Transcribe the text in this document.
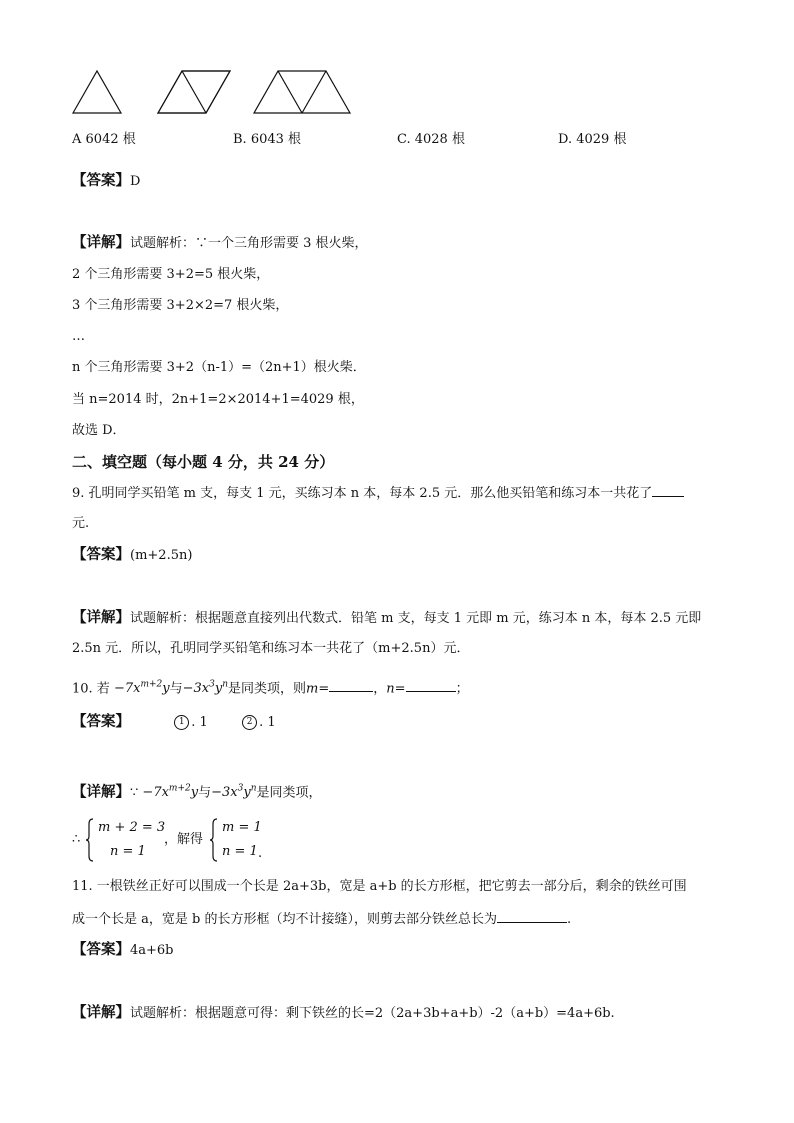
A 6042 根	B. 6043 根	C. 4028 根	D. 4029 根
【答案】D
【详解】试题解析：∵一个三角形需要 3 根火柴，
2 个三角形需要 3+2=5 根火柴，
3 个三角形需要 3+2×2=7 根火柴，
…
n 个三角形需要 3+2（n-1）=（2n+1）根火柴．
当 n=2014 时，2n+1=2×2014+1=4029 根，
故选 D．
二、填空题（每小题 4 分，共 24 分）
9. 孔明同学买铅笔 m 支，每支 1 元，买练习本 n 本，每本 2.5 元．那么他买铅笔和练习本一共花了
元.
【答案】(m+2.5n)
【详解】试题解析：根据题意直接列出代数式．铅笔 m 支，每支 1 元即 m 元，练习本 n 本，每本 2.5 元即
2.5n 元．所以，孔明同学买铅笔和练习本一共花了（m+2.5n）元．
10. 若 $-7x^{m+2}y$与$-3x^3y^n$是同类项，则m=	，n=	；
【答案】	1 . 1	2 . 1
【详解】∵ $-7x^{m+2}y$与$-3x^3y^n$是同类项，
∴
m + 2 = 3
n = 1
，解得
m = 1
n = 1 .
11. 一根铁丝正好可以围成一个长是 2a+3b，宽是 a+b 的长方形框，把它剪去一部分后，剩余的铁丝可围
成一个长是 a，宽是 b 的长方形框（均不计接缝），则剪去部分铁丝总长为	.
【答案】4a+6b
【详解】试题解析：根据题意可得：剩下铁丝的长=2（2a+3b+a+b）-2（a+b）=4a+6b.
